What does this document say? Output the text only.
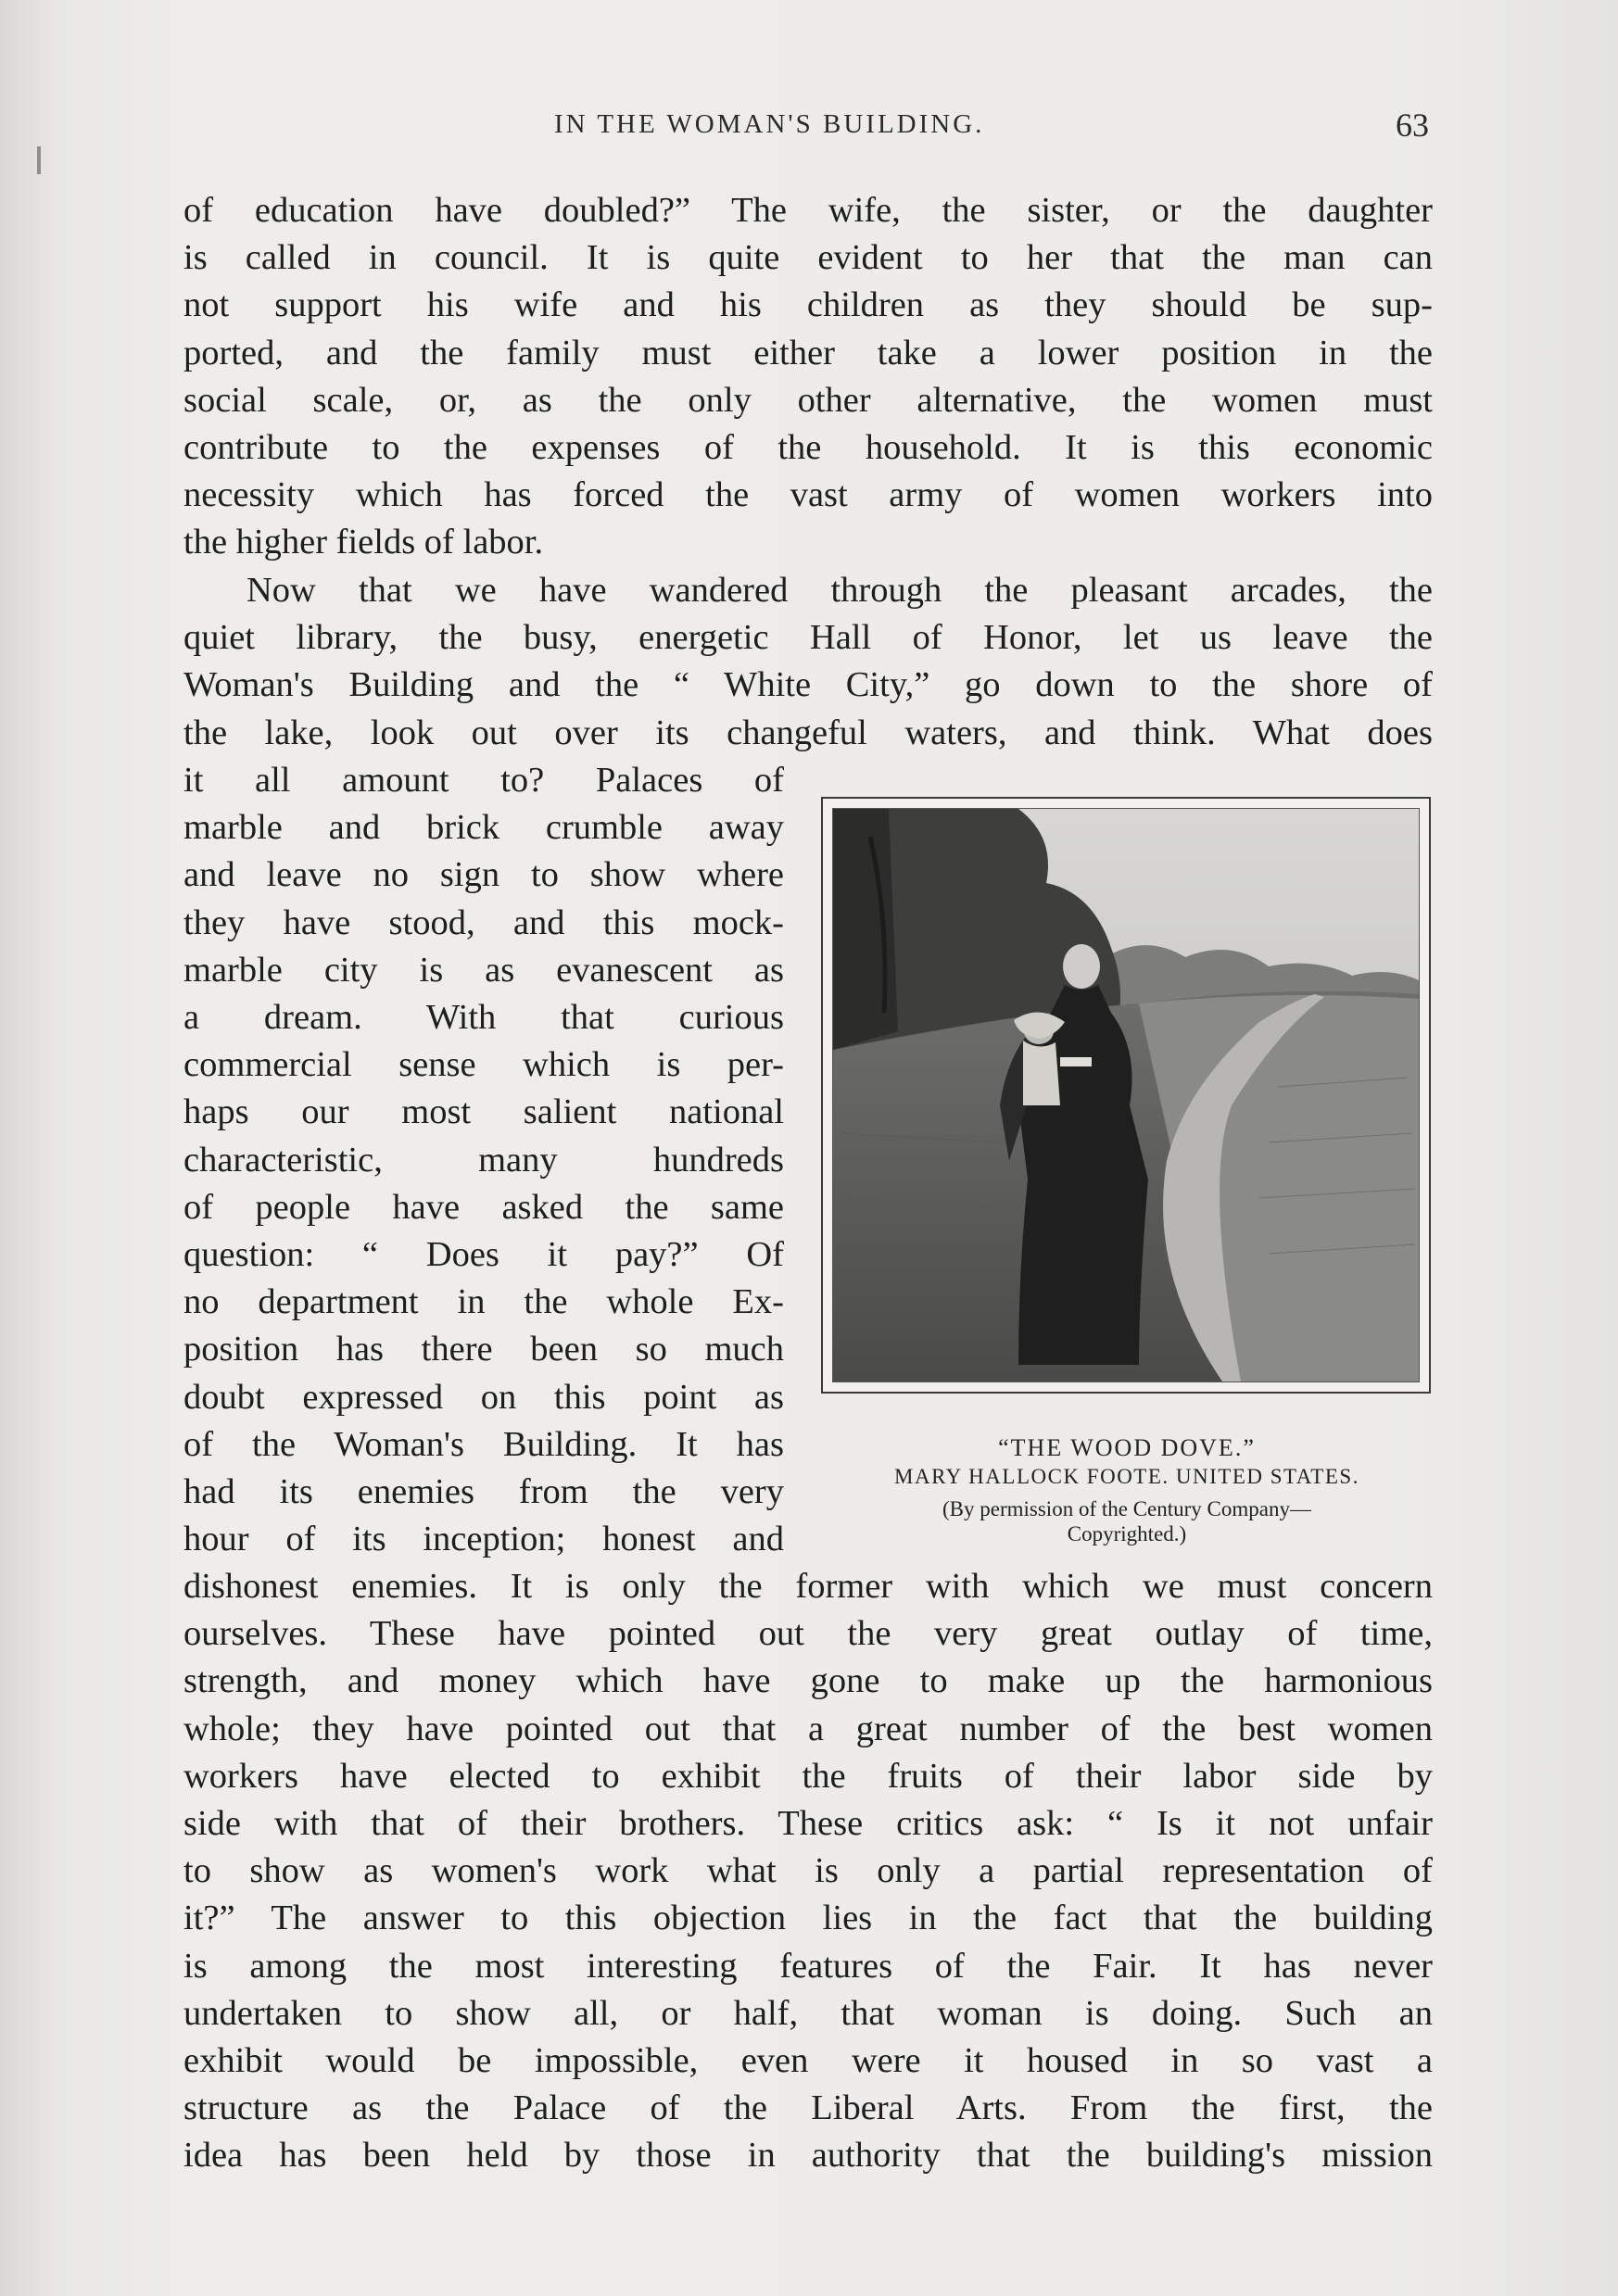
IN THE WOMAN'S BUILDING.	63
of education have doubled?” The wife, the sister, or the daughter
is called in council. It is quite evident to her that the man can
not support his wife and his children as they should be sup-
ported, and the family must either take a lower position in the
social scale, or, as the only other alternative, the women must
contribute to the expenses of the household. It is this economic
necessity which has forced the vast army of women workers into
the higher fields of labor.
Now that we have wandered through the pleasant arcades, the
quiet library, the busy, energetic Hall of Honor, let us leave the
Woman's Building and the “ White City,” go down to the shore of
the lake, look out over its changeful waters, and think. What does
it all amount to? Palaces of
marble and brick crumble away
and leave no sign to show where
they have stood, and this mock-
marble city is as evanescent as
a dream. With that curious
commercial sense which is per-
haps our most salient national
characteristic, many hundreds
of people have asked the same
question: “ Does it pay?” Of
no department in the whole Ex-
position has there been so much
doubt expressed on this point as
of the Woman's Building. It has
had its enemies from the very
hour of its inception; honest and
dishonest enemies. It is only the former with which we must concern
ourselves. These have pointed out the very great outlay of time,
strength, and money which have gone to make up the harmonious
whole; they have pointed out that a great number of the best women
workers have elected to exhibit the fruits of their labor side by
side with that of their brothers. These critics ask: “ Is it not unfair
to show as women's work what is only a partial representation of
it?” The answer to this objection lies in the fact that the building
is among the most interesting features of the Fair. It has never
undertaken to show all, or half, that woman is doing. Such an
exhibit would be impossible, even were it housed in so vast a
structure as the Palace of the Liberal Arts. From the first, the
idea has been held by those in authority that the building's mission
“THE WOOD DOVE.”
MARY HALLOCK FOOTE. UNITED STATES.
(By permission of the Century Company—
Copyrighted.)
